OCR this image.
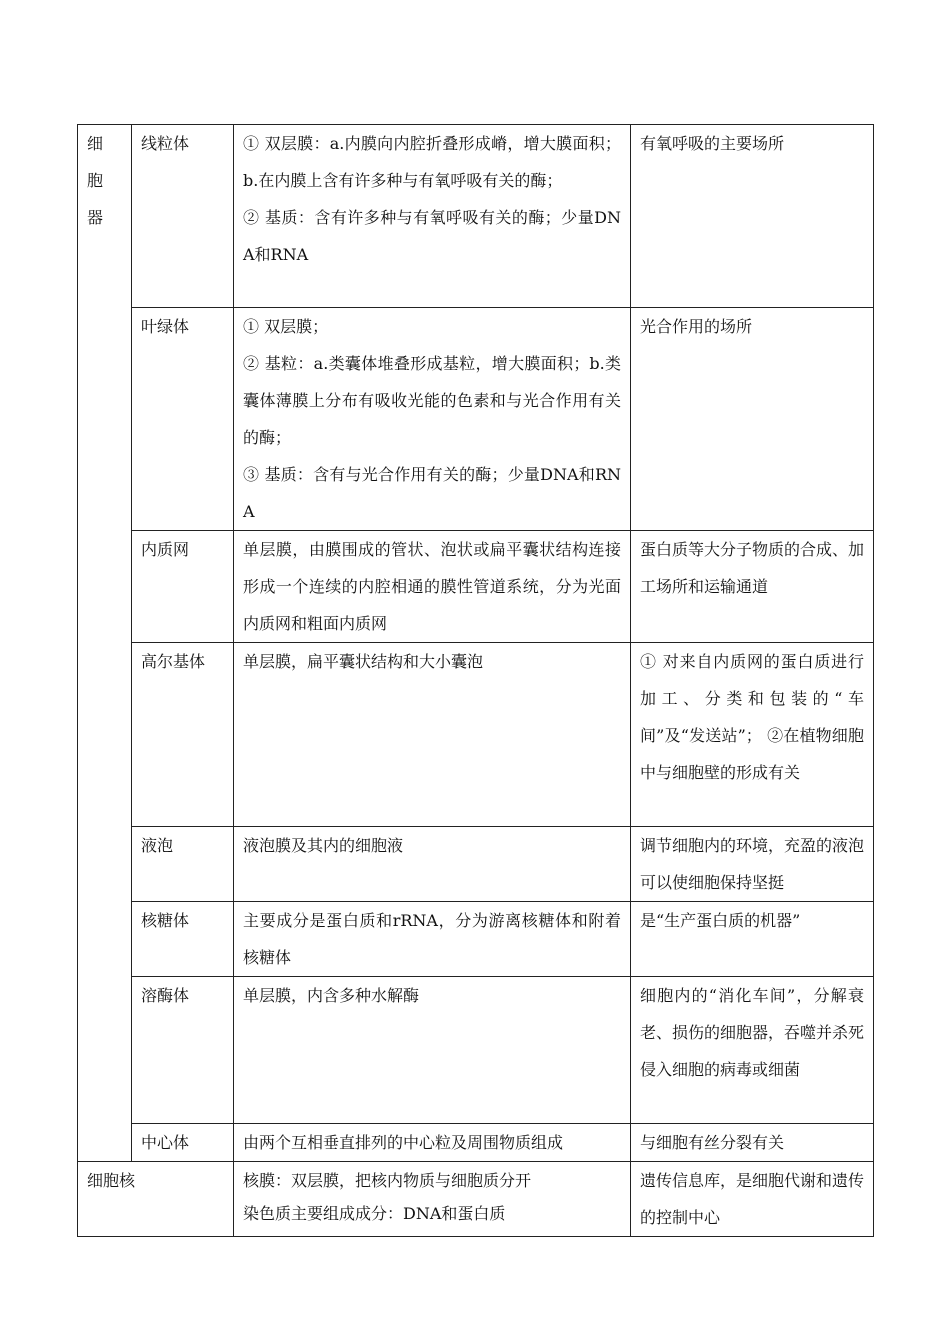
细胞器	线粒体	① 双层膜：a.内膜向内腔折叠形成嵴，增大膜面积；b.在内膜上含有许多种与有氧呼吸有关的酶；
② 基质：含有许多种与有氧呼吸有关的酶；少量DNA和RNA	有氧呼吸的主要场所
	叶绿体	① 双层膜；
② 基粒：a.类囊体堆叠形成基粒，增大膜面积；b.类囊体薄膜上分布有吸收光能的色素和与光合作用有关的酶；
③ 基质：含有与光合作用有关的酶；少量DNA和RNA	光合作用的场所
	内质网	单层膜，由膜围成的管状、泡状或扁平囊状结构连接形成一个连续的内腔相通的膜性管道系统，分为光面内质网和粗面内质网	蛋白质等大分子物质的合成、加工场所和运输通道
	高尔基体	单层膜，扁平囊状结构和大小囊泡	① 对来自内质网的蛋白质进行加工、分类和包装的“车间”及“发送站”； ②在植物细胞中与细胞壁的形成有关
	液泡	液泡膜及其内的细胞液	调节细胞内的环境，充盈的液泡可以使细胞保持坚挺
	核糖体	主要成分是蛋白质和rRNA，分为游离核糖体和附着核糖体	是“生产蛋白质的机器”
	溶酶体	单层膜，内含多种水解酶	细胞内的“消化车间”，分解衰老、损伤的细胞器，吞噬并杀死侵入细胞的病毒或细菌
	中心体	由两个互相垂直排列的中心粒及周围物质组成	与细胞有丝分裂有关
细胞核		核膜：双层膜，把核内物质与细胞质分开
染色质主要组成成分：DNA和蛋白质	遗传信息库，是细胞代谢和遗传的控制中心
